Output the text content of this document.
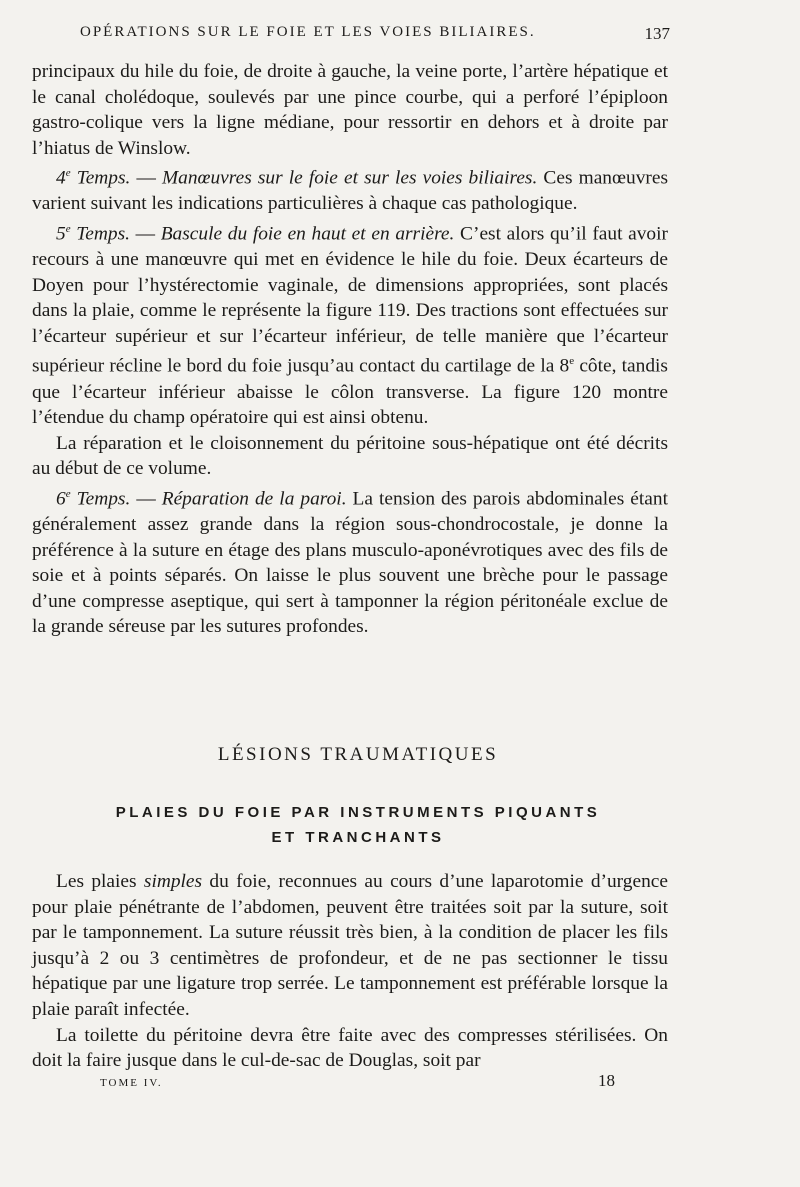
OPÉRATIONS SUR LE FOIE ET LES VOIES BILIAIRES.	137

principaux du hile du foie, de droite à gauche, la veine porte, l’artère hépatique et le canal cholédoque, soulevés par une pince courbe, qui a perforé l’épiploon gastro-colique vers la ligne médiane, pour ressortir en dehors et à droite par l’hiatus de Winslow.

4e Temps. — Manœuvres sur le foie et sur les voies biliaires. Ces manœuvres varient suivant les indications particulières à chaque cas pathologique.

5e Temps. — Bascule du foie en haut et en arrière. C’est alors qu’il faut avoir recours à une manœuvre qui met en évidence le hile du foie. Deux écarteurs de Doyen pour l’hystérectomie vaginale, de dimensions appropriées, sont placés dans la plaie, comme le représente la figure 119. Des tractions sont effectuées sur l’écarteur supérieur et sur l’écarteur inférieur, de telle manière que l’écarteur supérieur récline le bord du foie jusqu’au contact du cartilage de la 8e côte, tandis que l’écarteur inférieur abaisse le côlon transverse. La figure 120 montre l’étendue du champ opératoire qui est ainsi obtenu.

La réparation et le cloisonnement du péritoine sous-hépatique ont été décrits au début de ce volume.

6e Temps. — Réparation de la paroi. La tension des parois abdominales étant généralement assez grande dans la région sous-chondrocostale, je donne la préférence à la suture en étage des plans musculo-aponévrotiques avec des fils de soie et à points séparés. On laisse le plus souvent une brèche pour le passage d’une compresse aseptique, qui sert à tamponner la région péritonéale exclue de la grande séreuse par les sutures profondes.

LÉSIONS TRAUMATIQUES
PLAIES DU FOIE PAR INSTRUMENTS PIQUANTS
ET TRANCHANTS

Les plaies simples du foie, reconnues au cours d’une laparotomie d’urgence pour plaie pénétrante de l’abdomen, peuvent être traitées soit par la suture, soit par le tamponnement. La suture réussit très bien, à la condition de placer les fils jusqu’à 2 ou 3 centimètres de profondeur, et de ne pas sectionner le tissu hépatique par une ligature trop serrée. Le tamponnement est préférable lorsque la plaie paraît infectée.

La toilette du péritoine devra être faite avec des compresses stérilisées. On doit la faire jusque dans le cul-de-sac de Douglas, soit par

TOME IV.	18
